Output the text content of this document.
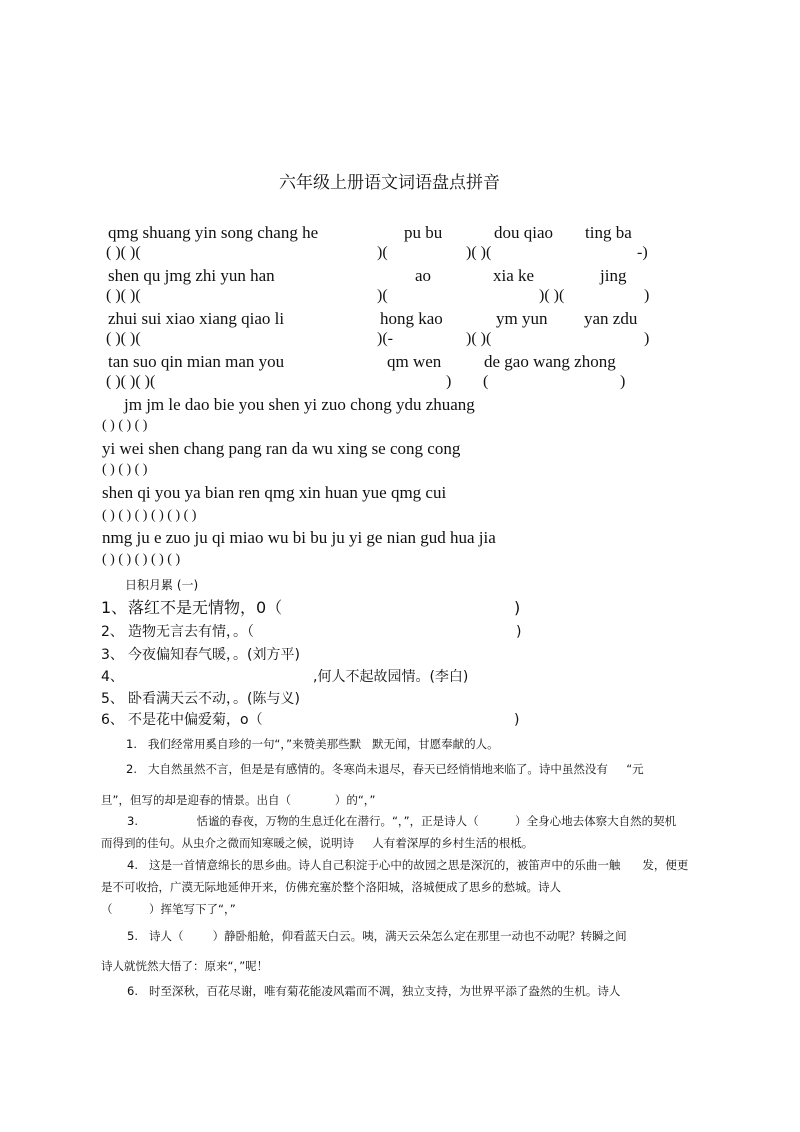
六年级上册语文词语盘点拼音
qmg shuang yin song chang he	pu bu	dou qiao ting ba
( )( )(	)(	)( )(	-)
shen qu jmg zhi yun han	ao	xia ke	jing
( )( )(	)(	)( )(	)
zhui sui xiao xiang qiao li	hong kao	ym yun yan zdu
( )( )(	)(-	)( )(	)
tan suo qin mian man you	qm wen	de gao wang zhong
( )( )( )(	) (	)
jm jm le dao bie you shen yi zuo chong ydu zhuang
( ) ( ) ( )
yi wei shen chang pang ran da wu xing se cong cong
( ) ( ) ( )
shen qi you ya bian ren qmg xin huan yue qmg cui
( ) ( ) ( ) ( ) ( ) ( )
nmg ju e zuo ju qi miao wu bi bu ju yi ge nian gud hua jia
( ) ( ) ( ) ( ) ( )
日积月累 (一)
1、 落红不是无情物，0（	)
2、 造物无言去有情，。（	)
3、 今夜偏知春气暖，。(刘方平)
4、	,何人不起故园情。(李白)
5、 卧看满天云不动，。(陈与义)
6、 不是花中偏爱菊，o（	)
1.   我们经常用奚自珍的一句“，”来赞美那些默   默无闻，甘愿奉献的人。
2.   大自然虽然不言，但是是有感情的。冬寒尚未退尽，春天已经悄悄地来临了。诗中虽然没有     “元
旦”，但写的却是迎春的情景。出自（            ）的“，”
3.                恬谧的春夜，万物的生息迁化在潜行。“，”，正是诗人（          ）全身心地去体察大自然的契机
而得到的佳句。从虫介之微而知寒暖之候，说明诗     人有着深厚的乡村生活的根柢。
4.   这是一首情意绵长的思乡曲。诗人自己积淀于心中的故园之思是深沉的，被笛声中的乐曲一触      发，便更
是不可收拾，广漠无际地延伸开来，仿佛充塞於整个洛阳城，洛城便成了思乡的愁城。诗人
（          ）挥笔写下了“，”
5.   诗人（        ）静卧船舱，仰看蓝天白云。咦，满天云朵怎么定在那里一动也不动呢？转瞬之间
诗人就恍然大悟了：原来“，”呢！
6.   时至深秋，百花尽谢，唯有菊花能凌风霜而不凋，独立支持，为世界平添了盎然的生机。诗人
